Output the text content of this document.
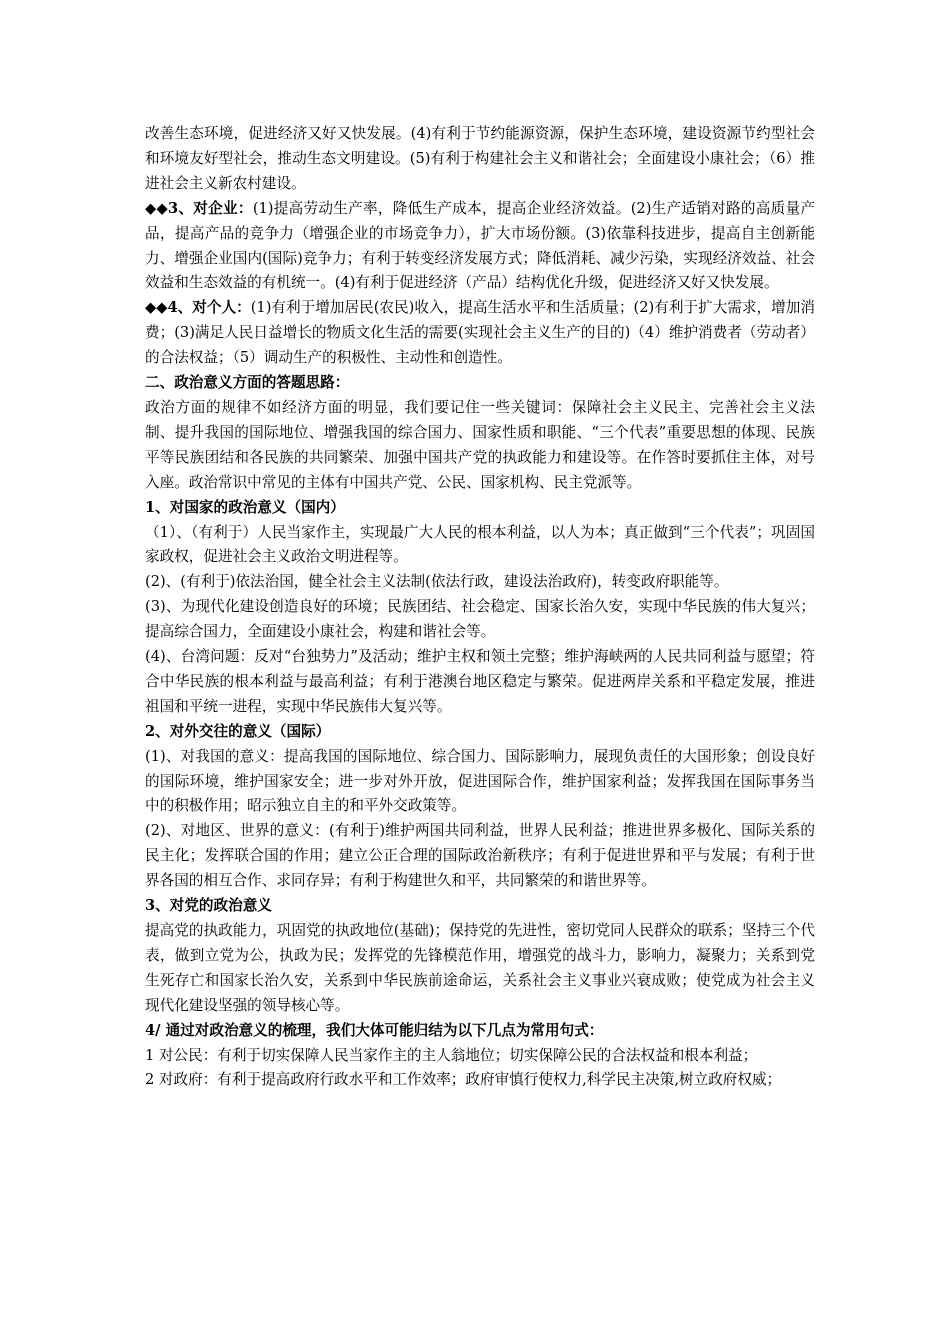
改善生态环境，促进经济又好又快发展。(4)有利于节约能源资源，保护生态环境，建设资源节约型社会和环境友好型社会，推动生态文明建设。(5)有利于构建社会主义和谐社会；全面建设小康社会；（6）推进社会主义新农村建设。

◆◆3、对企业：(1)提高劳动生产率，降低生产成本，提高企业经济效益。(2)生产适销对路的高质量产品，提高产品的竞争力（增强企业的市场竞争力），扩大市场份额。(3)依靠科技进步，提高自主创新能力、增强企业国内(国际)竞争力；有利于转变经济发展方式；降低消耗、减少污染，实现经济效益、社会效益和生态效益的有机统一。(4)有利于促进经济（产品）结构优化升级，促进经济又好又快发展。

◆◆4、对个人：(1)有利于增加居民(农民)收入，提高生活水平和生活质量；(2)有利于扩大需求，增加消费；(3)满足人民日益增长的物质文化生活的需要(实现社会主义生产的目的)（4）维护消费者（劳动者）的合法权益；（5）调动生产的积极性、主动性和创造性。

二、政治意义方面的答题思路：

政治方面的规律不如经济方面的明显，我们要记住一些关键词：保障社会主义民主、完善社会主义法制、提升我国的国际地位、增强我国的综合国力、国家性质和职能、“三个代表”重要思想的体现、民族平等民族团结和各民族的共同繁荣、加强中国共产党的执政能力和建设等。在作答时要抓住主体，对号入座。政治常识中常见的主体有中国共产党、公民、国家机构、民主党派等。

1、对国家的政治意义（国内）

（1）、（有利于）人民当家作主，实现最广大人民的根本利益，以人为本；真正做到“三个代表”；巩固国家政权，促进社会主义政治文明进程等。

(2)、(有利于)依法治国，健全社会主义法制(依法行政，建设法治政府)，转变政府职能等。

(3)、为现代化建设创造良好的环境；民族团结、社会稳定、国家长治久安，实现中华民族的伟大复兴；提高综合国力，全面建设小康社会，构建和谐社会等。

(4)、台湾问题：反对“台独势力”及活动；维护主权和领土完整；维护海峡两的人民共同利益与愿望；符合中华民族的根本利益与最高利益；有利于港澳台地区稳定与繁荣。促进两岸关系和平稳定发展，推进祖国和平统一进程，实现中华民族伟大复兴等。

2、对外交往的意义（国际）

(1)、对我国的意义：提高我国的国际地位、综合国力、国际影响力，展现负责任的大国形象；创设良好的国际环境，维护国家安全；进一步对外开放，促进国际合作，维护国家利益；发挥我国在国际事务当中的积极作用；昭示独立自主的和平外交政策等。

(2)、对地区、世界的意义：(有利于)维护两国共同利益，世界人民利益；推进世界多极化、国际关系的民主化；发挥联合国的作用；建立公正合理的国际政治新秩序；有利于促进世界和平与发展；有利于世界各国的相互合作、求同存异；有利于构建世久和平，共同繁荣的和谐世界等。

3、对党的政治意义

提高党的执政能力，巩固党的执政地位(基础)；保持党的先进性，密切党同人民群众的联系；坚持三个代表，做到立党为公，执政为民；发挥党的先锋模范作用，增强党的战斗力，影响力，凝聚力；关系到党生死存亡和国家长治久安，关系到中华民族前途命运，关系社会主义事业兴衰成败；使党成为社会主义现代化建设坚强的领导核心等。

4/ 通过对政治意义的梳理，我们大体可能归结为以下几点为常用句式：

1 对公民：有利于切实保障人民当家作主的主人翁地位；切实保障公民的合法权益和根本利益；

2 对政府：有利于提高政府行政水平和工作效率；政府审慎行使权力,科学民主决策,树立政府权威；
